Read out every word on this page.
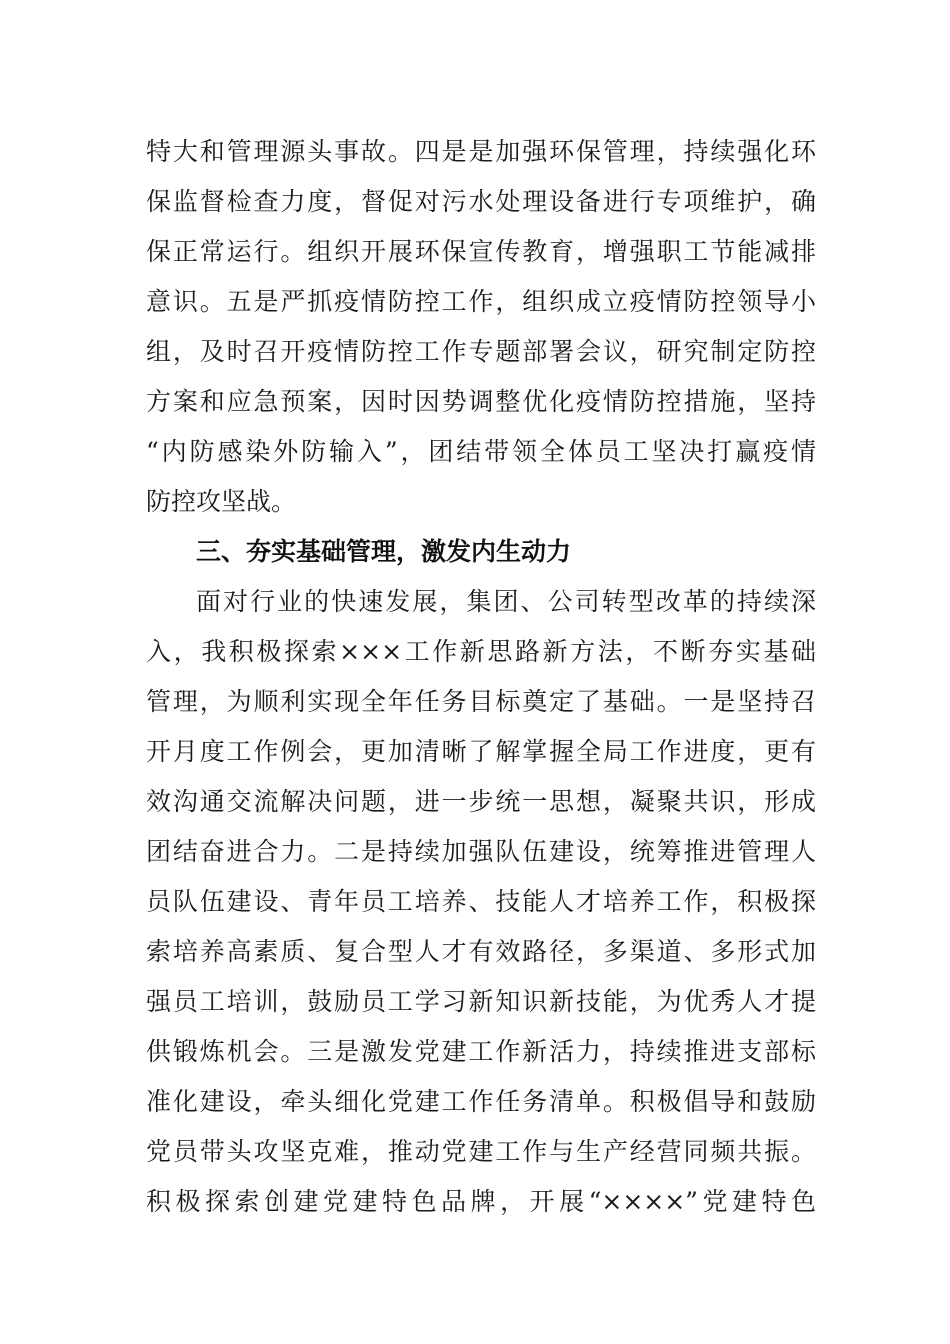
特大和管理源头事故。四是是加强环保管理，持续强化环
保监督检查力度，督促对污水处理设备进行专项维护，确
保正常运行。组织开展环保宣传教育，增强职工节能减排
意识。五是严抓疫情防控工作，组织成立疫情防控领导小
组，及时召开疫情防控工作专题部署会议，研究制定防控
方案和应急预案，因时因势调整优化疫情防控措施，坚持
“内防感染外防输入”，团结带领全体员工坚决打赢疫情
防控攻坚战。
三、夯实基础管理，激发内生动力
面对行业的快速发展，集团、公司转型改革的持续深
入，我积极探索×××工作新思路新方法，不断夯实基础
管理，为顺利实现全年任务目标奠定了基础。一是坚持召
开月度工作例会，更加清晰了解掌握全局工作进度，更有
效沟通交流解决问题，进一步统一思想，凝聚共识，形成
团结奋进合力。二是持续加强队伍建设，统筹推进管理人
员队伍建设、青年员工培养、技能人才培养工作，积极探
索培养高素质、复合型人才有效路径，多渠道、多形式加
强员工培训，鼓励员工学习新知识新技能，为优秀人才提
供锻炼机会。三是激发党建工作新活力，持续推进支部标
准化建设，牵头细化党建工作任务清单。积极倡导和鼓励
党员带头攻坚克难，推动党建工作与生产经营同频共振。
积极探索创建党建特色品牌，开展“××××”党建特色
